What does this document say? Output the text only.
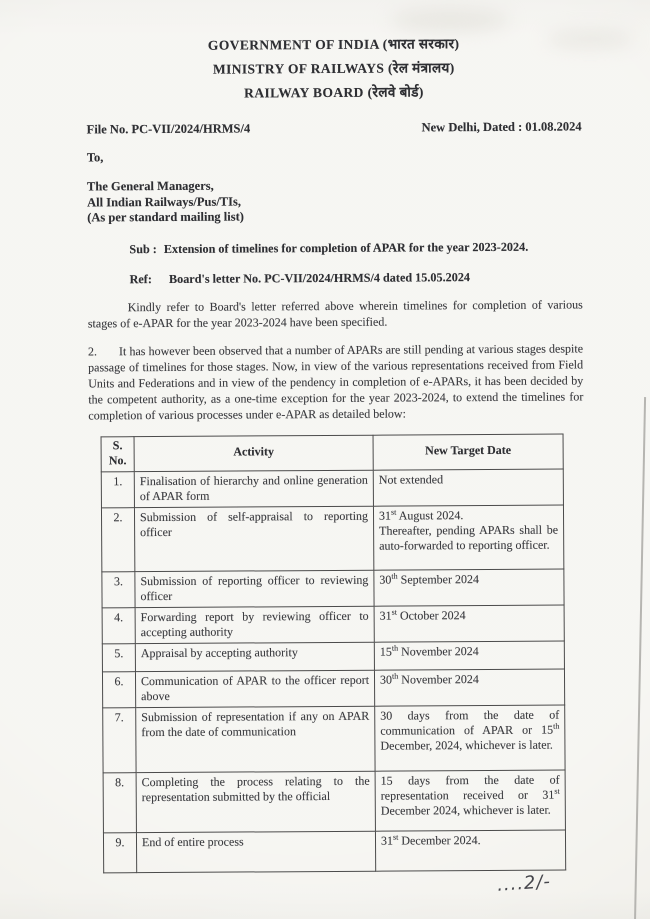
GOVERNMENT OF INDIA (भारत सरकार)
MINISTRY OF RAILWAYS (रेल मंत्रालय)
RAILWAY BOARD (रेलवे बोर्ड)
File No. PC-VII/2024/HRMS/4	New Delhi, Dated : 01.08.2024
To,
The General Managers,
All Indian Railways/Pus/TIs,
(As per standard mailing list)
Sub : Extension of timelines for completion of APAR for the year 2023-2024.
Ref: Board's letter No. PC-VII/2024/HRMS/4 dated 15.05.2024

Kindly refer to Board's letter referred above wherein timelines for completion of various stages of e-APAR for the year 2023-2024 have been specified.

2. It has however been observed that a number of APARs are still pending at various stages despite passage of timelines for those stages. Now, in view of the various representations received from Field Units and Federations and in view of the pendency in completion of e-APARs, it has been decided by the competent authority, as a one-time exception for the year 2023-2024, to extend the timelines for completion of various processes under e-APAR as detailed below:

S. No.	Activity	New Target Date
1.	Finalisation of hierarchy and online generation of APAR form	Not extended
2.	Submission of self-appraisal to reporting officer	31st August 2024.
Thereafter, pending APARs shall be auto-forwarded to reporting officer.
3.	Submission of reporting officer to reviewing officer	30th September 2024
4.	Forwarding report by reviewing officer to accepting authority	31st October 2024
5.	Appraisal by accepting authority	15th November 2024
6.	Communication of APAR to the officer report above	30th November 2024
7.	Submission of representation if any on APAR from the date of communication	30 days from the date of communication of APAR or 15th December, 2024, whichever is later.
8.	Completing the process relating to the representation submitted by the official	15 days from the date of representation received or 31st December 2024, whichever is later.
9.	End of entire process	31st December 2024.
....2/-
